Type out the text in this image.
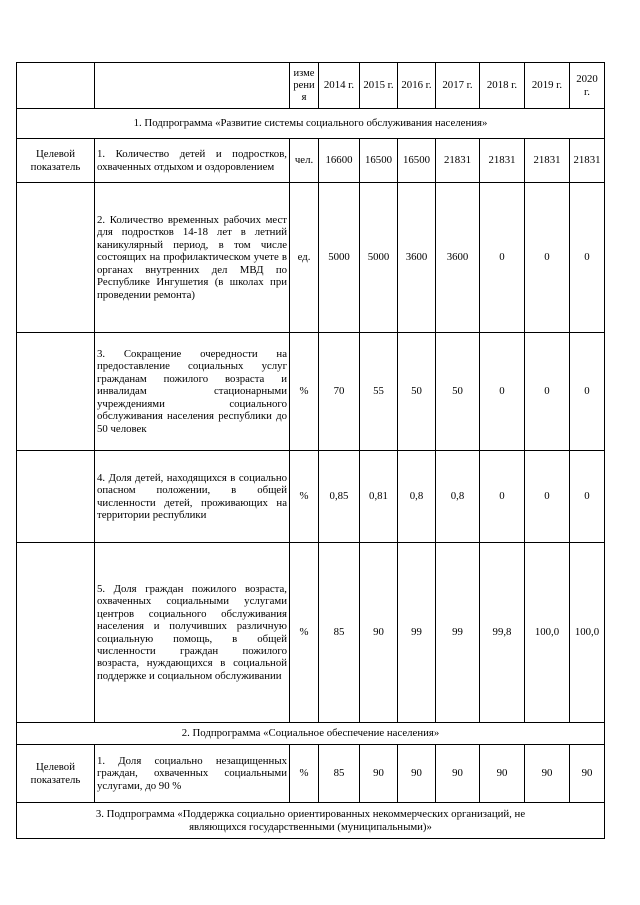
		изме
рени
я	2014 г.	2015 г.	2016 г.	2017 г.	2018 г.	2019 г.	2020 г.
1. Подпрограмма «Развитие системы социального обслуживания населения»									
Целевой показатель	1. Количество детей и подростков, охваченных отдыхом и оздоровлением	чел.	16600	16500	16500	21831	21831	21831	21831
	2. Количество временных рабочих мест для подростков 14-18 лет в летний каникулярный период, в том числе состоящих на профилактическом учете в органах внутренних дел МВД по Республике Ингушетия (в школах при проведении ремонта)	ед.	5000	5000	3600	3600	0	0	0
	3. Сокращение очередности на предоставление социальных услуг гражданам пожилого возраста и инвалидам стационарными учреждениями социального обслуживания населения республики до 50 человек	%	70	55	50	50	0	0	0
	4. Доля детей, находящихся в социально опасном положении, в общей численности детей, проживающих на территории республики	%	0,85	0,81	0,8	0,8	0	0	0
	5. Доля граждан пожилого возраста, охваченных социальными услугами центров социального обслуживания населения и получивших различную социальную помощь, в общей численности граждан пожилого возраста, нуждающихся в социальной поддержке и социальном обслуживании	%	85	90	99	99	99,8	100,0	100,0
2. Подпрограмма «Социальное обеспечение населения»									
Целевой показатель	1. Доля социально незащищенных граждан, охваченных социальными услугами, до 90 %	%	85	90	90	90	90	90	90
3. Подпрограмма «Поддержка социально ориентированных некоммерческих организаций, не являющихся государственными (муниципальными)»									
